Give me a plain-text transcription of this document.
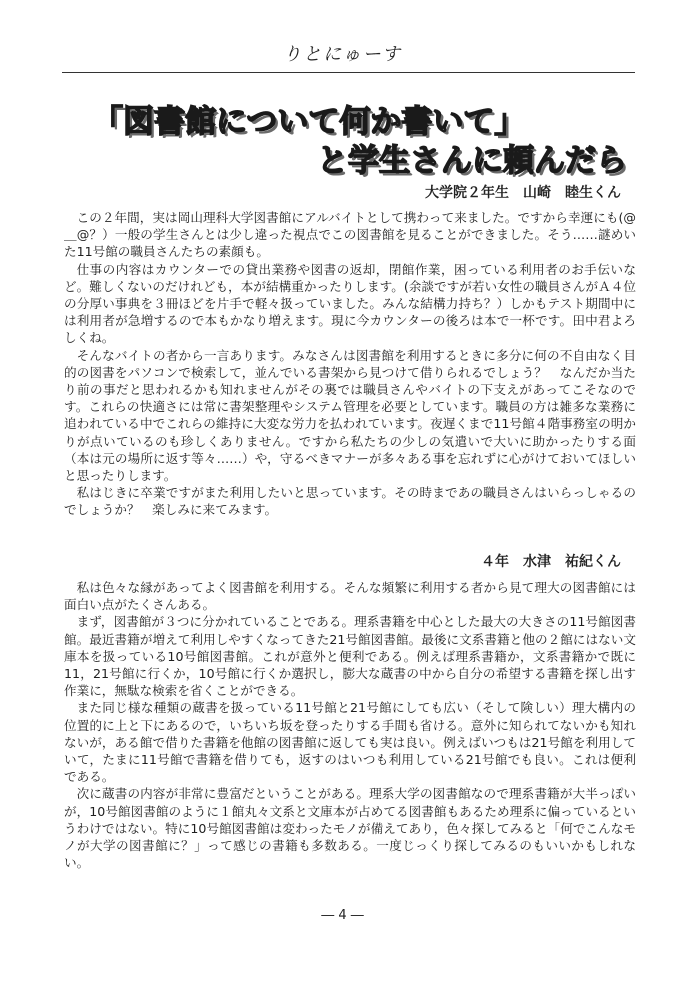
りとにゅーす
「図書館について何か書いて」
と学生さんに頼んだら
大学院２年生　山崎　睦生くん

この２年間，実は岡山理科大学図書館にアルバイトとして携わって来ました。ですから幸運にも(@＿@？）一般の学生さんとは少し違った視点でこの図書館を見ることができました。そう……謎めいた11号館の職員さんたちの素顔も。

仕事の内容はカウンターでの貸出業務や図書の返却，閉館作業，困っている利用者のお手伝いなど。難しくないのだけれども，本が結構重かったりします。(余談ですが若い女性の職員さんがＡ４位の分厚い事典を３冊ほどを片手で軽々扱っていました。みんな結構力持ち？）しかもテスト期間中には利用者が急増するので本もかなり増えます。現に今カウンターの後ろは本で一杯です。田中君よろしくね。

そんなバイトの者から一言あります。みなさんは図書館を利用するときに多分に何の不自由なく目的の図書をパソコンで検索して，並んでいる書架から見つけて借りられるでしょう？　なんだか当たり前の事だと思われるかも知れませんがその裏では職員さんやバイトの下支えがあってこそなのです。これらの快適さには常に書架整理やシステム管理を必要としています。職員の方は雑多な業務に追われている中でこれらの維持に大変な労力を払われています。夜遅くまで11号館４階事務室の明かりが点いているのも珍しくありません。ですから私たちの少しの気遣いで大いに助かったりする面（本は元の場所に返す等々……）や，守るべきマナーが多々ある事を忘れずに心がけておいてほしいと思ったりします。

私はじきに卒業ですがまた利用したいと思っています。その時まであの職員さんはいらっしゃるのでしょうか？　楽しみに来てみます。

４年　水津　祐紀くん

私は色々な縁があってよく図書館を利用する。そんな頻繁に利用する者から見て理大の図書館には面白い点がたくさんある。

まず，図書館が３つに分かれていることである。理系書籍を中心とした最大の大きさの11号館図書館。最近書籍が増えて利用しやすくなってきた21号館図書館。最後に文系書籍と他の２館にはない文庫本を扱っている10号館図書館。これが意外と便利である。例えば理系書籍か，文系書籍かで既に11，21号館に行くか，10号館に行くか選択し，膨大な蔵書の中から自分の希望する書籍を探し出す作業に，無駄な検索を省くことができる。

また同じ様な種類の蔵書を扱っている11号館と21号館にしても広い（そして険しい）理大構内の位置的に上と下にあるので，いちいち坂を登ったりする手間も省ける。意外に知られてないかも知れないが，ある館で借りた書籍を他館の図書館に返しても実は良い。例えばいつもは21号館を利用していて，たまに11号館で書籍を借りても，返すのはいつも利用している21号館でも良い。これは便利である。

次に蔵書の内容が非常に豊富だということがある。理系大学の図書館なので理系書籍が大半っぽいが，10号館図書館のように１館丸々文系と文庫本が占めてる図書館もあるため理系に偏っているというわけではない。特に10号館図書館は変わったモノが備えてあり，色々探してみると「何でこんなモノが大学の図書館に？」って感じの書籍も多数ある。一度じっくり探してみるのもいいかもしれない。

― 4 ―
